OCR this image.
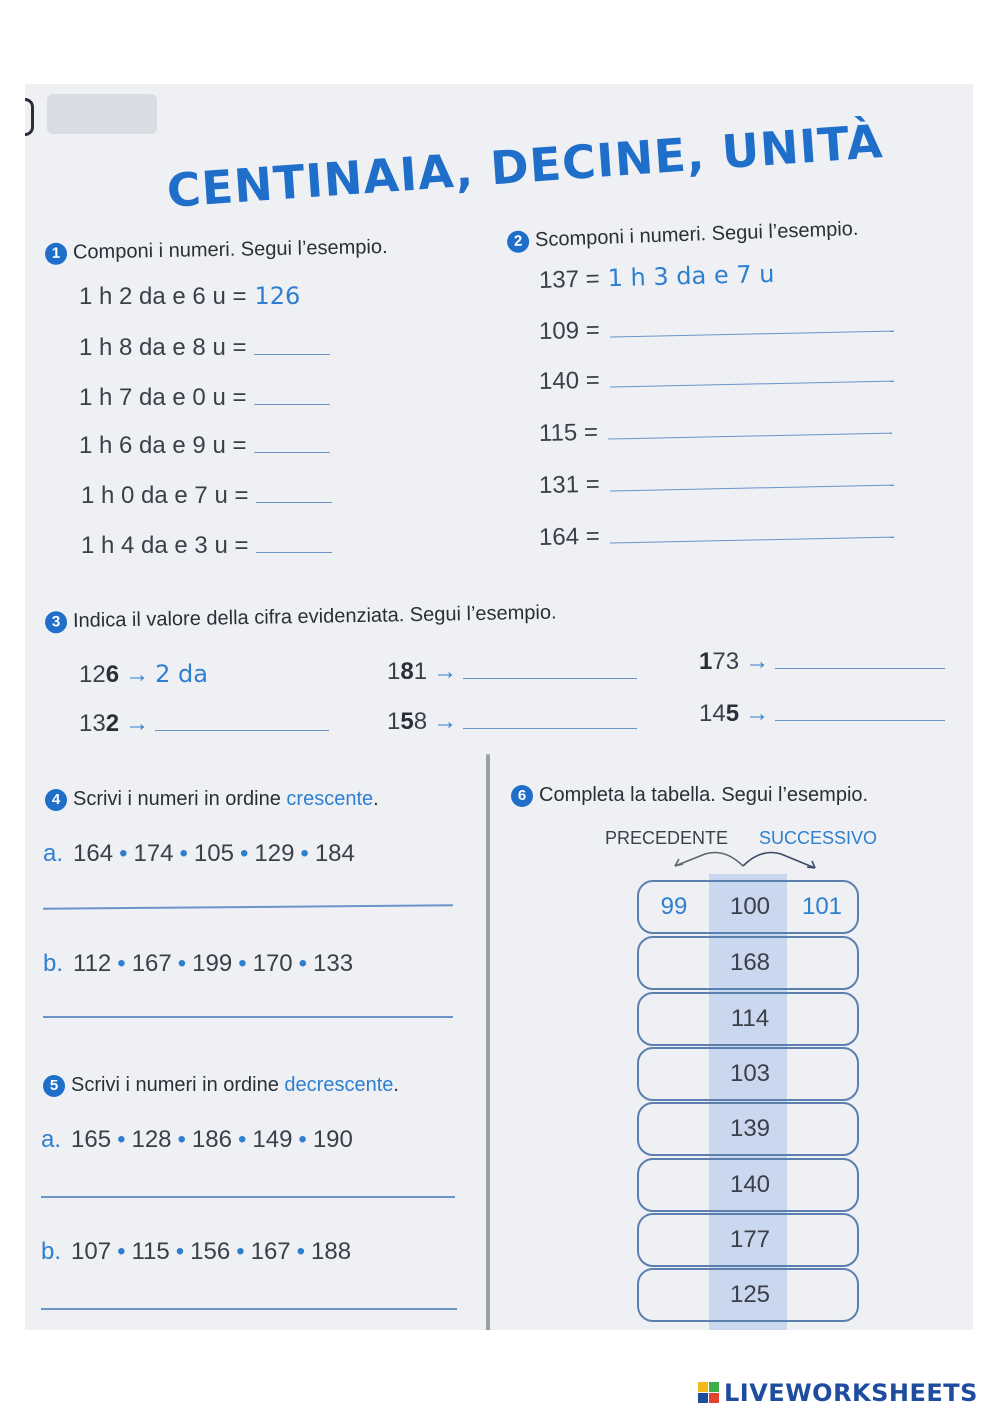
CENTINAIA, DECINE, UNITÀ
1 Componi i numeri. Segui l’esempio.
1 h 2 da e 6 u = 126
1 h 8 da e 8 u =
1 h 7 da e 0 u =
1 h 6 da e 9 u =
1 h 0 da e 7 u =
1 h 4 da e 3 u =
2 Scomponi i numeri. Segui l’esempio.
137 = 1 h 3 da e 7 u
109 =
140 =
115 =
131 =
164 =
3 Indica il valore della cifra evidenziata. Segui l’esempio.
126 → 2 da	181 →	173 →
132 →	158 →	145 →
4 Scrivi i numeri in ordine crescente.
a. 164 • 174 • 105 • 129 • 184
b. 112 • 167 • 199 • 170 • 133
5 Scrivi i numeri in ordine decrescente.
a. 165 • 128 • 186 • 149 • 190
b. 107 • 115 • 156 • 167 • 188
6 Completa la tabella. Segui l’esempio.
PRECEDENTE SUCCESSIVO
99	100	101
168
114
103
139
140
177
125
LIVEWORKSHEETS
